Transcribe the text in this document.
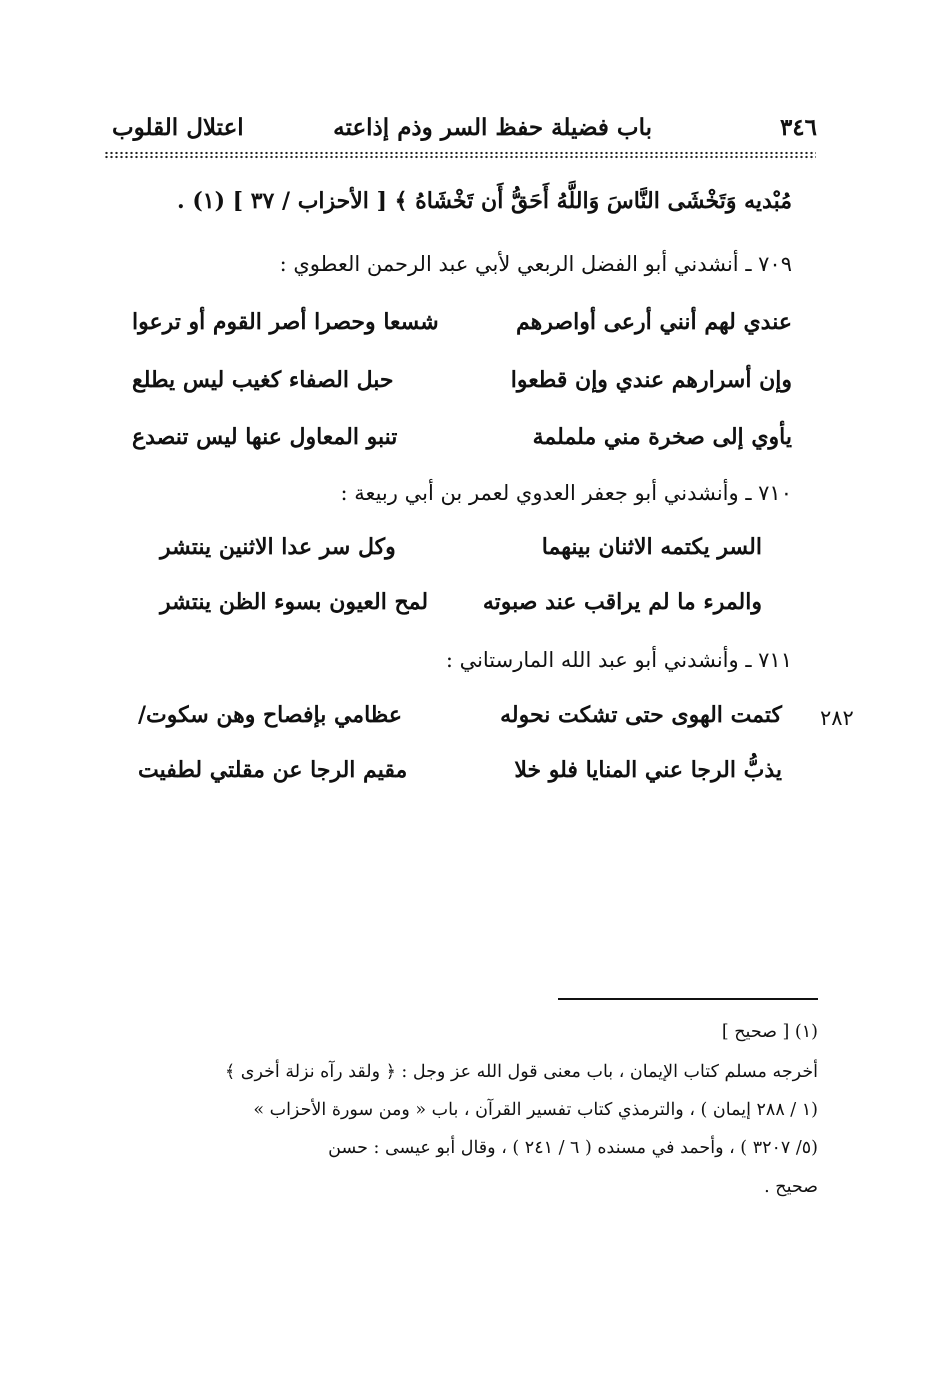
٣٤٦
باب فضيلة حفظ السر وذم إذاعته
اعتلال القلوب
مُبْديه وَتَخْشَى النَّاسَ وَاللَّهُ أَحَقُّ أَن تَخْشَاهُ ﴾ [ الأحزاب / ٣٧ ] (١) .
٧٠٩ ـ أنشدني أبو الفضل الربعي لأبي عبد الرحمن العطوي :
عندي لهم أنني أرعى أواصرهم
شسعا وحصرا أصر القوم أو ترعوا
وإن أسرارهم عندي وإن قطعوا
حبل الصفاء كغيب ليس يطلع
يأوي إلى صخرة مني ململمة
تنبو المعاول عنها ليس تنصدع
٧١٠ ـ وأنشدني أبو جعفر العدوي لعمر بن أبي ربيعة :
السر يكتمه الاثنان بينهما
وكل سر عدا الاثنين ينتشر
والمرء ما لم يراقب عند صبوته
لمح العيون بسوء الظن ينتشر
٧١١ ـ وأنشدني أبو عبد الله المارستاني :
٢٨٢
كتمت الهوى حتى تشكت نحوله
عظامي بإفصاح وهن سكوت/
يذبُّ الرجا عني المنايا فلو خلا
مقيم الرجا عن مقلتي لطفيت
(١) [ صحيح ]
أخرجه مسلم كتاب الإيمان ، باب معنى قول الله عز وجل : ﴿ ولقد رآه نزلة أخرى ﴾
(١ / ٢٨٨ إيمان ) ، والترمذي كتاب تفسير القرآن ، باب « ومن سورة الأحزاب »
(٥/ ٣٢٠٧ ) ، وأحمد في مسنده ( ٦ / ٢٤١ ) ، وقال أبو عيسى : حسن
صحيح .
